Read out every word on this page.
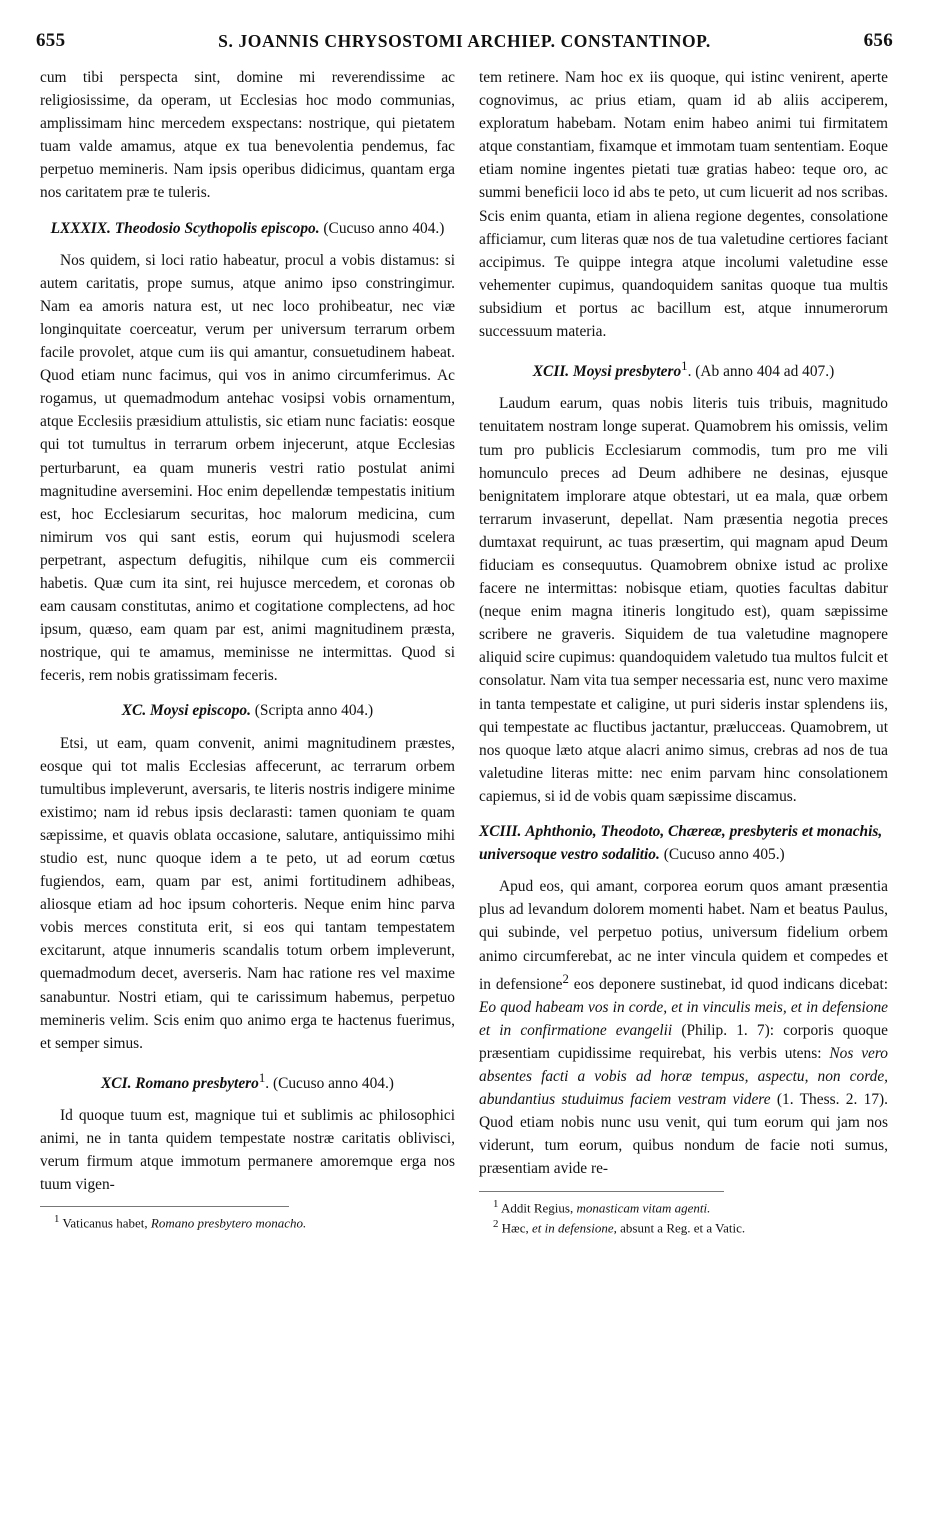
655	S. JOANNIS CHRYSOSTOMI ARCHIEP. CONSTANTINOP.	656

cum tibi perspecta sint, domine mi reverendissime ac religiosissime, da operam, ut Ecclesias hoc modo communias, amplissimam hinc mercedem exspectans: nostrique, qui pietatem tuam valde amamus, atque ex tua benevolentia pendemus, fac perpetuo memineris. Nam ipsis operibus didicimus, quantam erga nos caritatem præ te tuleris.

LXXXIX. Theodosio Scythopolis episcopo. (Cucuso anno 404.)

Nos quidem, si loci ratio habeatur, procul a vobis distamus: si autem caritatis, prope sumus, atque animo ipso constringimur. Nam ea amoris natura est, ut nec loco prohibeatur, nec viæ longinquitate coerceatur, verum per universum terrarum orbem facile provolet, atque cum iis qui amantur, consuetudinem habeat. Quod etiam nunc facimus, qui vos in animo circumferimus. Ac rogamus, ut quemadmodum antehac vosipsi vobis ornamentum, atque Ecclesiis præsidium attulistis, sic etiam nunc faciatis: eosque qui tot tumultus in terrarum orbem injecerunt, atque Ecclesias perturbarunt, ea quam muneris vestri ratio postulat animi magnitudine aversemini. Hoc enim depellendæ tempestatis initium est, hoc Ecclesiarum securitas, hoc malorum medicina, cum nimirum vos qui sant estis, eorum qui hujusmodi scelera perpetrant, aspectum defugitis, nihilque cum eis commercii habetis. Quæ cum ita sint, rei hujusce mercedem, et coronas ob eam causam constitutas, animo et cogitatione complectens, ad hoc ipsum, quæso, eam quam par est, animi magnitudinem præsta, nostrique, qui te amamus, meminisse ne intermittas. Quod si feceris, rem nobis gratissimam feceris.

XC. Moysi episcopo. (Scripta anno 404.)

Etsi, ut eam, quam convenit, animi magnitudinem præstes, eosque qui tot malis Ecclesias affecerunt, ac terrarum orbem tumultibus impleverunt, aversaris, te literis nostris indigere minime existimo; nam id rebus ipsis declarasti: tamen quoniam te quam sæpissime, et quavis oblata occasione, salutare, antiquissimo mihi studio est, nunc quoque idem a te peto, ut ad eorum cœtus fugiendos, eam, quam par est, animi fortitudinem adhibeas, aliosque etiam ad hoc ipsum cohorteris. Neque enim hinc parva vobis merces constituta erit, si eos qui tantam tempestatem excitarunt, atque innumeris scandalis totum orbem impleverunt, quemadmodum decet, averseris. Nam hac ratione res vel maxime sanabuntur. Nostri etiam, qui te carissimum habemus, perpetuo memineris velim. Scis enim quo animo erga te hactenus fuerimus, et semper simus.

XCI. Romano presbytero$^1$. (Cucuso anno 404.)

Id quoque tuum est, magnique tui et sublimis ac philosophici animi, ne in tanta quidem tempestate nostræ caritatis oblivisci, verum firmum atque immotum permanere amoremque erga nos tuum vigen-

$^1$ Vaticanus habet, Romano presbytero monacho.

tem retinere. Nam hoc ex iis quoque, qui istinc venirent, aperte cognovimus, ac prius etiam, quam id ab aliis acciperem, exploratum habebam. Notam enim habeo animi tui firmitatem atque constantiam, fixamque et immotam tuam sententiam. Eoque etiam nomine ingentes pietati tuæ gratias habeo: teque oro, ac summi beneficii loco id abs te peto, ut cum licuerit ad nos scribas. Scis enim quanta, etiam in aliena regione degentes, consolatione afficiamur, cum literas quæ nos de tua valetudine certiores faciant accipimus. Te quippe integra atque incolumi valetudine esse vehementer cupimus, quandoquidem sanitas quoque tua multis subsidium et portus ac bacillum est, atque innumerorum successuum materia.

XCII. Moysi presbytero$^1$. (Ab anno 404 ad 407.)

Laudum earum, quas nobis literis tuis tribuis, magnitudo tenuitatem nostram longe superat. Quamobrem his omissis, velim tum pro publicis Ecclesiarum commodis, tum pro me vili homunculo preces ad Deum adhibere ne desinas, ejusque benignitatem implorare atque obtestari, ut ea mala, quæ orbem terrarum invaserunt, depellat. Nam præsentia negotia preces dumtaxat requirunt, ac tuas præsertim, qui magnam apud Deum fiduciam es consequutus. Quamobrem obnixe istud ac prolixe facere ne intermittas: nobisque etiam, quoties facultas dabitur (neque enim magna itineris longitudo est), quam sæpissime scribere ne graveris. Siquidem de tua valetudine magnopere aliquid scire cupimus: quandoquidem valetudo tua multos fulcit et consolatur. Nam vita tua semper necessaria est, nunc vero maxime in tanta tempestate et caligine, ut puri sideris instar splendens iis, qui tempestate ac fluctibus jactantur, prælucceas. Quamobrem, ut nos quoque læto atque alacri animo simus, crebras ad nos de tua valetudine literas mitte: nec enim parvam hinc consolationem capiemus, si id de vobis quam sæpissime discamus.

XCIII. Aphthonio, Theodoto, Chæreæ, presbyteris et monachis, universoque vestro sodalitio. (Cucuso anno 405.)

Apud eos, qui amant, corporea eorum quos amant præsentia plus ad levandum dolorem momenti habet. Nam et beatus Paulus, qui subinde, vel perpetuo potius, universum fidelium orbem animo circumferebat, ac ne inter vincula quidem et compedes et in defensione$^2$ eos deponere sustinebat, id quod indicans dicebat: Eo quod habeam vos in corde, et in vinculis meis, et in defensione et in confirmatione evangelii (Philip. 1. 7): corporis quoque præsentiam cupidissime requirebat, his verbis utens: Nos vero absentes facti a vobis ad horæ tempus, aspectu, non corde, abundantius studuimus faciem vestram videre (1. Thess. 2. 17). Quod etiam nobis nunc usu venit, qui tum eorum qui jam nos viderunt, tum eorum, quibus nondum de facie noti sumus, præsentiam avide re-

$^1$ Addit Regius, monasticam vitam agenti.
$^2$ Hæc, et in defensione, absunt a Reg. et a Vatic.
